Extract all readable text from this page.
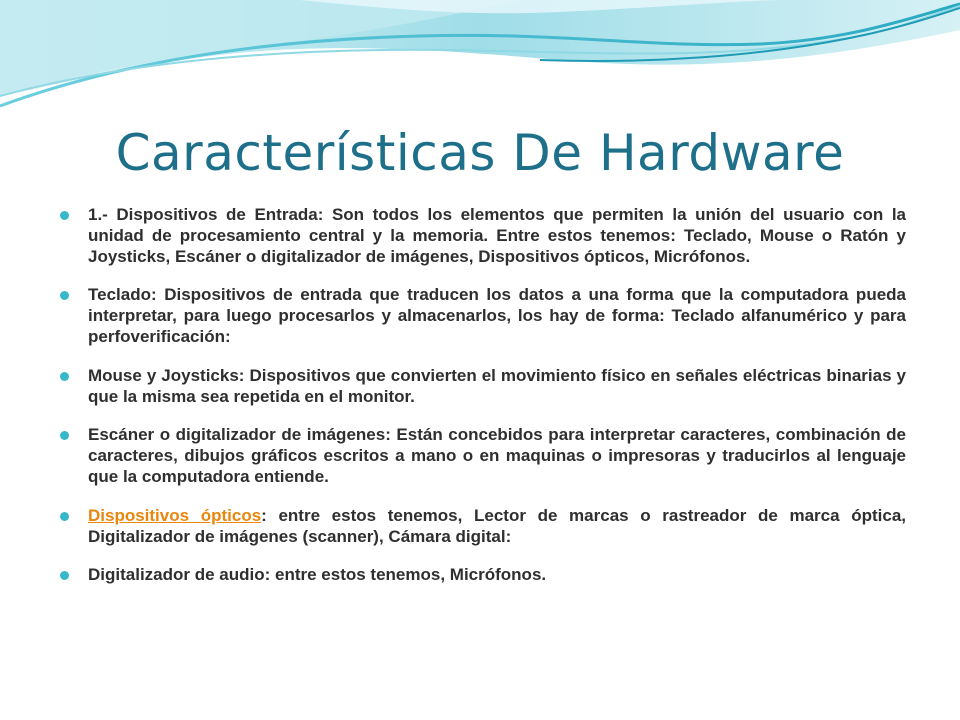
Características De Hardware
1.- Dispositivos de Entrada: Son todos los elementos que permiten la unión del usuario con la unidad de procesamiento central y la memoria. Entre estos tenemos: Teclado, Mouse o Ratón y Joysticks, Escáner o digitalizador de imágenes, Dispositivos ópticos, Micrófonos.
Teclado: Dispositivos de entrada que traducen los datos a una forma que la computadora pueda interpretar, para luego procesarlos y almacenarlos, los hay de forma: Teclado alfanumérico y para perfoverificación:
Mouse y Joysticks: Dispositivos que convierten el movimiento físico en señales eléctricas binarias y que la misma sea repetida en el monitor.
Escáner o digitalizador de imágenes: Están concebidos para interpretar caracteres, combinación de caracteres, dibujos gráficos escritos a mano o en maquinas o impresoras y traducirlos al lenguaje que la computadora entiende.
Dispositivos ópticos: entre estos tenemos, Lector de marcas o rastreador de marca óptica, Digitalizador de imágenes (scanner), Cámara digital:
Digitalizador de audio: entre estos tenemos, Micrófonos.
